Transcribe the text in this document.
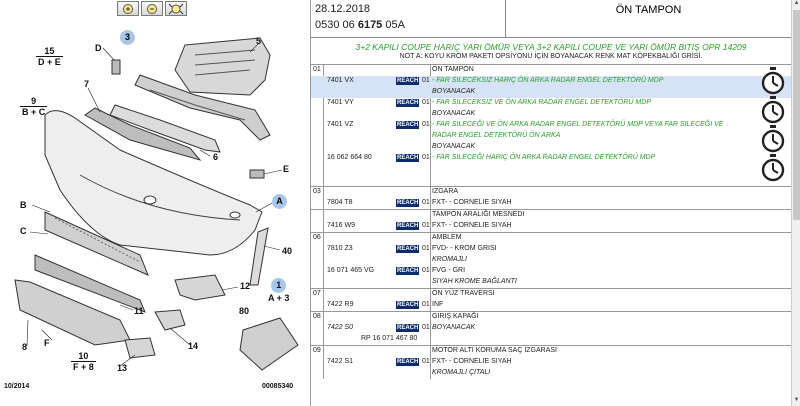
$\frac{15}{D + E}$
$\frac{9}{B + C}$
$\frac{10}{F + 8}$
1
A + 3
D
3	5
7
6
E
B
C
A
40
12
11
8 F	14
80
13
10/2014	00085340
28.12.2018
0530 06 6175 05A
ÖN TAMPON
3+2 KAPILI COUPE HARIÇ YARI ÖMÜR VEYA 3+2 KAPILI COUPE VE YARI ÖMÜR BITIŞ OPR 14209
NOT A: KOYU KROM PAKETI OPSİYONU İÇİN BOYANACAK RENK MAT KÖPEKBALIĞI GRİSİ.
01	ÖN TAMPON
7401 VX	REACH 01 - FAR SILECEKSIZ HARIÇ ÖN ARKA RADAR ENGEL DETEKTÖRÜ MDP
BOYANACAK
7401 VY	REACH 01 - FAR SILECEKSIZ VE ÖN ARKA RADAR ENGEL DETEKTÖRÜ MDP
BOYANACAK
7401 VZ	REACH 01 - FAR SILECEĞI VE ÖN ARKA RADAR ENGEL DETEKTÖRÜ MDP VEYA FAR SILECEĞI VE
RADAR ENGEL DETEKTÖRÜ ÖN ARKA
BOYANACAK
16 062 664 80	REACH 01 - FAR SILECEĞI HARIÇ ÖN ARKA RADAR ENGEL DETEKTÖRÜ MDP
03	IZGARA
7804 T8	REACH 01 FXT- - CORNELIE SIYAH
TAMPON ARALIĞI MESNEDI
7416 W9	REACH 01 FXT- - CORNELIE SIYAH
06	AMBLEM
7810 Z3	REACH 01 FVD- - KROM GRISI
KROMAJLI
16 071 465 VG	REACH 01 FVG - GRI
SIYAH KROME BAĞLANTI
07	ÖN YÜZ TRAVERSI
7422 R9	REACH 01 INF
08	GIRIŞ KAPAĞI
7422 S0	REACH 01 BOYANACAK
RP 16 071 467 80
09	MOTOR ALTI KORUMA SAÇ IZGARASI
7422 S1	REACH 01 FXT- - CORNELIE SIYAH
KROMAJLI ÇITALI
▲
▼
